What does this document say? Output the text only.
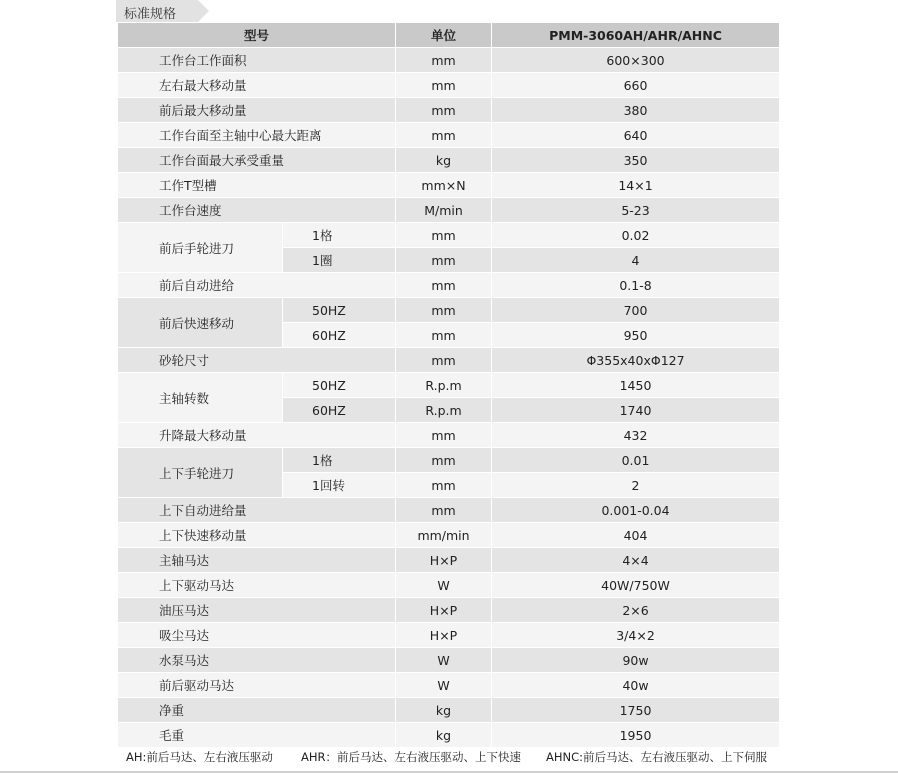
标准规格
型号		单位	PMM-3060AH/AHR/AHNC
工作台工作面积		mm	600×300
左右最大移动量		mm	660
前后最大移动量		mm	380
工作台面至主轴中心最大距离		mm	640
工作台面最大承受重量		kg	350
工作T型槽		mm×N	14×1
工作台速度		M/min	5-23
前后手轮进刀	1格	mm	0.02
	1圈	mm	4
前后自动进给		mm	0.1-8
前后快速移动	50HZ	mm	700
	60HZ	mm	950
砂轮尺寸		mm	Φ355x40xΦ127
主轴转数	50HZ	R.p.m	1450
	60HZ	R.p.m	1740
升降最大移动量		mm	432
上下手轮进刀	1格	mm	0.01
	1回转	mm	2
上下自动进给量		mm	0.001-0.04
上下快速移动量		mm/min	404
主轴马达		H×P	4×4
上下驱动马达		W	40W/750W
油压马达		H×P	2×6
吸尘马达		H×P	3/4×2
水泵马达		W	90w
前后驱动马达		W	40w
净重		kg	1750
毛重		kg	1950
AH:前后马达、左右液压驱动 AHR：前后马达、左右液压驱动、上下快速 AHNC:前后马达、左右液压驱动、上下伺服
